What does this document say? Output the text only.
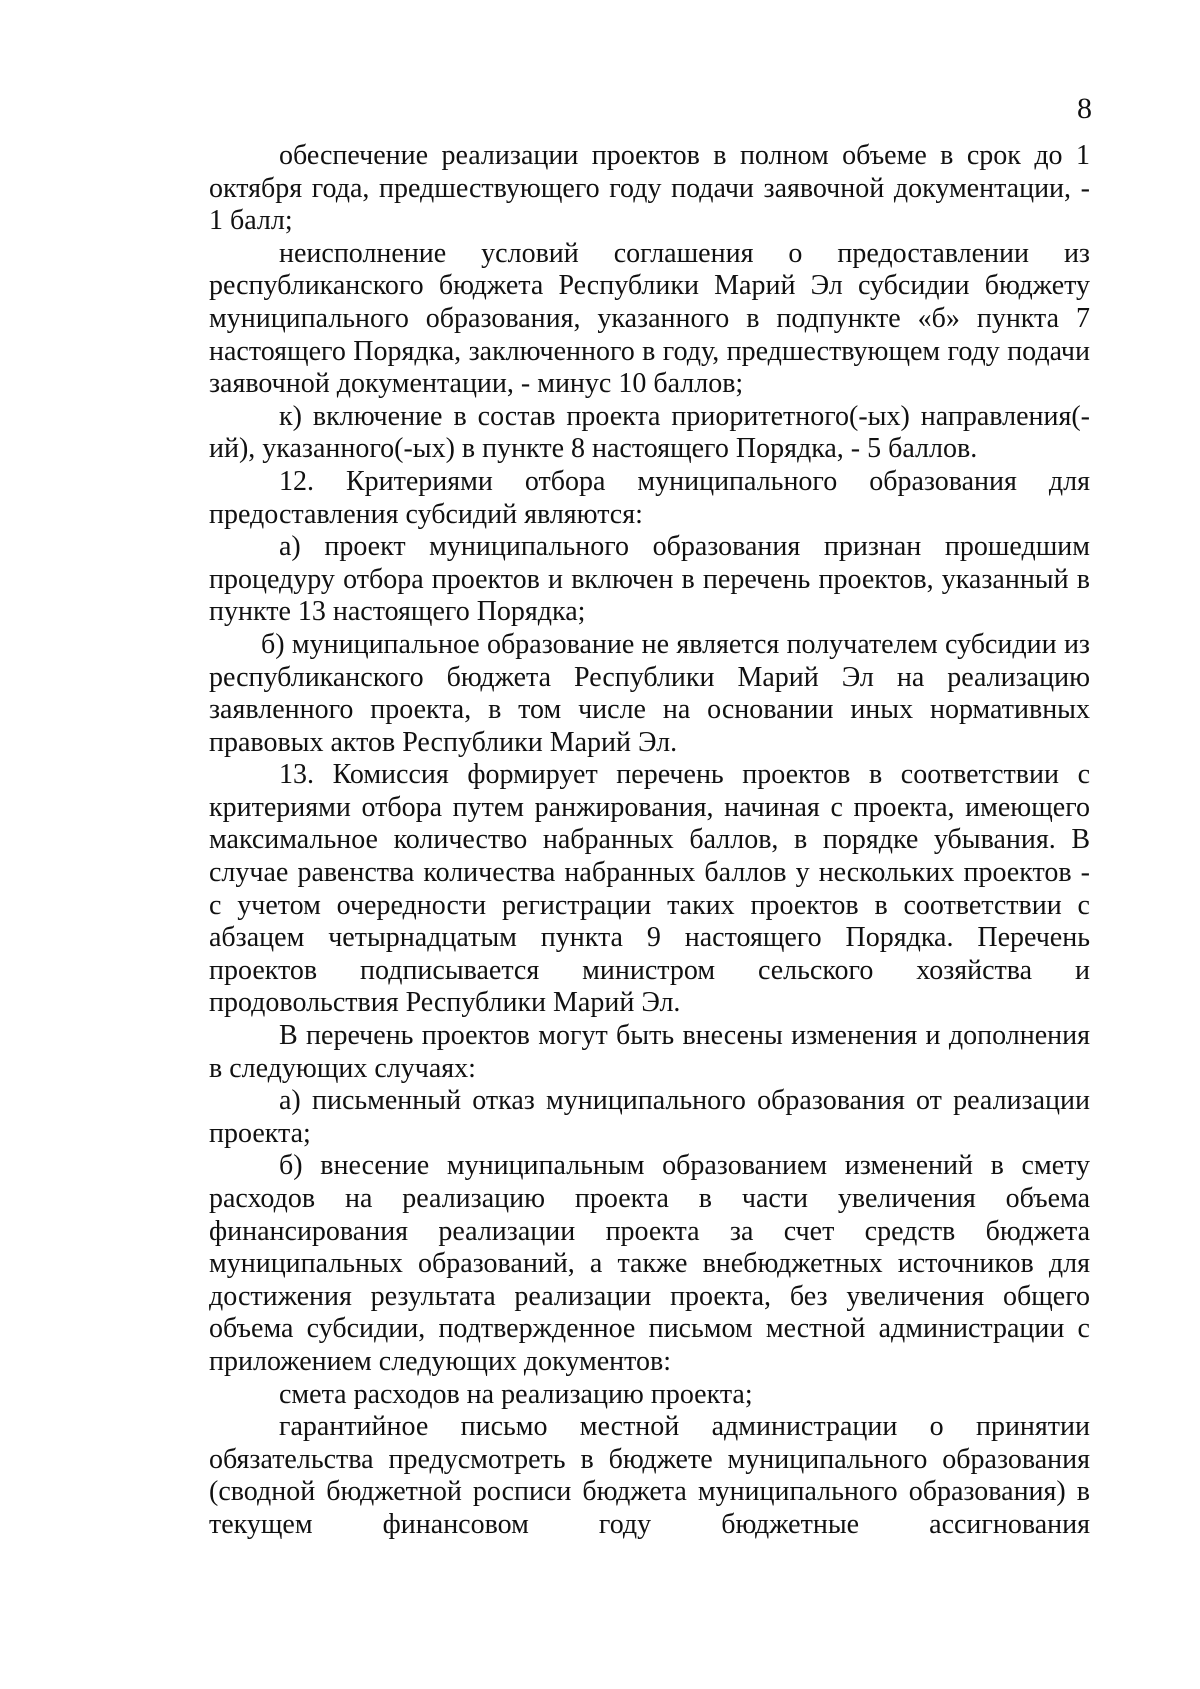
8

обеспечение реализации проектов в полном объеме в срок до 1 октября года, предшествующего году подачи заявочной документации, - 1 балл;

неисполнение условий соглашения о предоставлении из республиканского бюджета Республики Марий Эл субсидии бюджету муниципального образования, указанного в подпункте «б» пункта 7 настоящего Порядка, заключенного в году, предшествующем году подачи заявочной документации, - минус 10 баллов;

к) включение в состав проекта приоритетного(-ых) направления(-ий), указанного(-ых) в пункте 8 настоящего Порядка, - 5 баллов.

12. Критериями отбора муниципального образования для предоставления субсидий являются:

а) проект муниципального образования признан прошедшим процедуру отбора проектов и включен в перечень проектов, указанный в пункте 13 настоящего Порядка;

б) муниципальное образование не является получателем субсидии из республиканского бюджета Республики Марий Эл на реализацию заявленного проекта, в том числе на основании иных нормативных правовых актов Республики Марий Эл.

13. Комиссия формирует перечень проектов в соответствии с критериями отбора путем ранжирования, начиная с проекта, имеющего максимальное количество набранных баллов, в порядке убывания. В случае равенства количества набранных баллов у нескольких проектов - с учетом очередности регистрации таких проектов в соответствии с абзацем четырнадцатым пункта 9 настоящего Порядка. Перечень проектов подписывается министром сельского хозяйства и продовольствия Республики Марий Эл.

В перечень проектов могут быть внесены изменения и дополнения в следующих случаях:

а) письменный отказ муниципального образования от реализации проекта;

б) внесение муниципальным образованием изменений в смету расходов на реализацию проекта в части увеличения объема финансирования реализации проекта за счет средств бюджета муниципальных образований, а также внебюджетных источников для достижения результата реализации проекта, без увеличения общего объема субсидии, подтвержденное письмом местной администрации с приложением следующих документов:

смета расходов на реализацию проекта;

гарантийное письмо местной администрации о принятии обязательства предусмотреть в бюджете муниципального образования (сводной бюджетной росписи бюджета муниципального образования) в текущем финансовом году бюджетные ассигнования
